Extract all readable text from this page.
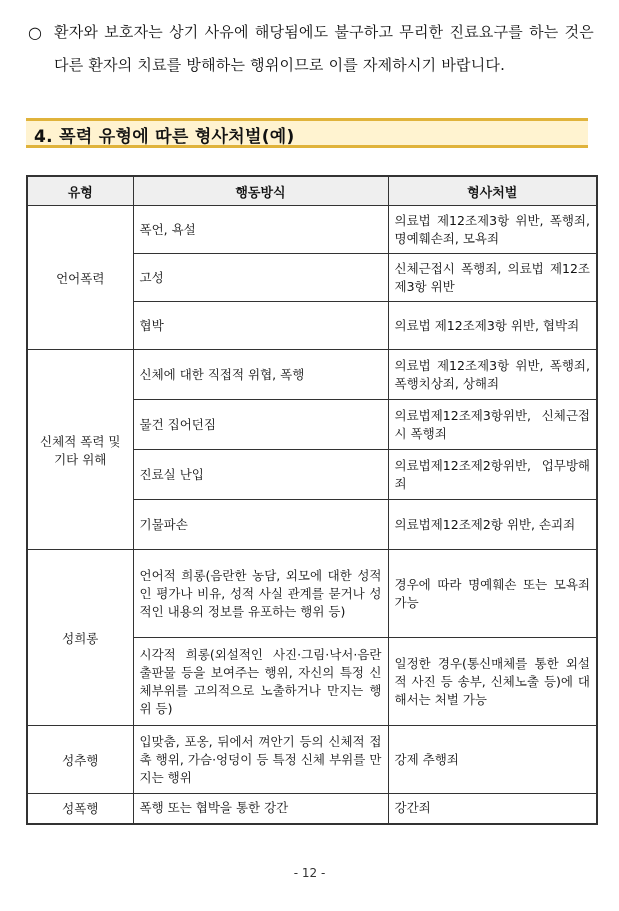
○ 환자와 보호자는 상기 사유에 해당됨에도 불구하고 무리한 진료요구를 하는 것은 다른 환자의 치료를 방해하는 행위이므로 이를 자제하시기 바랍니다.
4. 폭력 유형에 따른 형사처벌(예)
유형	행동방식	형사처벌
언어폭력	폭언, 욕설	의료법 제12조제3항 위반, 폭행죄, 명예훼손죄, 모욕죄
	고성	신체근접시 폭행죄, 의료법 제12조제3항 위반
	협박	의료법 제12조제3항 위반, 협박죄
신체적 폭력 및 기타 위해	신체에 대한 직접적 위협, 폭행	의료법 제12조제3항 위반, 폭행죄, 폭행치상죄, 상해죄
	물건 집어던짐	의료법제12조제3항위반, 신체근접시 폭행죄
	진료실 난입	의료법제12조제2항위반, 업무방해죄
	기물파손	의료법제12조제2항 위반, 손괴죄
성희롱	언어적 희롱(음란한 농담, 외모에 대한 성적인 평가나 비유, 성적 사실 관계를 묻거나 성적인 내용의 정보를 유포하는 행위 등)	경우에 따라 명예훼손 또는 모욕죄 가능
	시각적 희롱(외설적인 사진·그림·낙서·음란 출판물 등을 보여주는 행위, 자신의 특정 신체부위를 고의적으로 노출하거나 만지는 행위 등)	일정한 경우(통신매체를 통한 외설적 사진 등 송부, 신체노출 등)에 대해서는 처벌 가능
성추행	입맞춤, 포옹, 뒤에서 껴안기 등의 신체적 접촉 행위, 가슴·엉덩이 등 특정 신체 부위를 만지는 행위	강제 추행죄
성폭행	폭행 또는 협박을 통한 강간	강간죄
- 12 -
